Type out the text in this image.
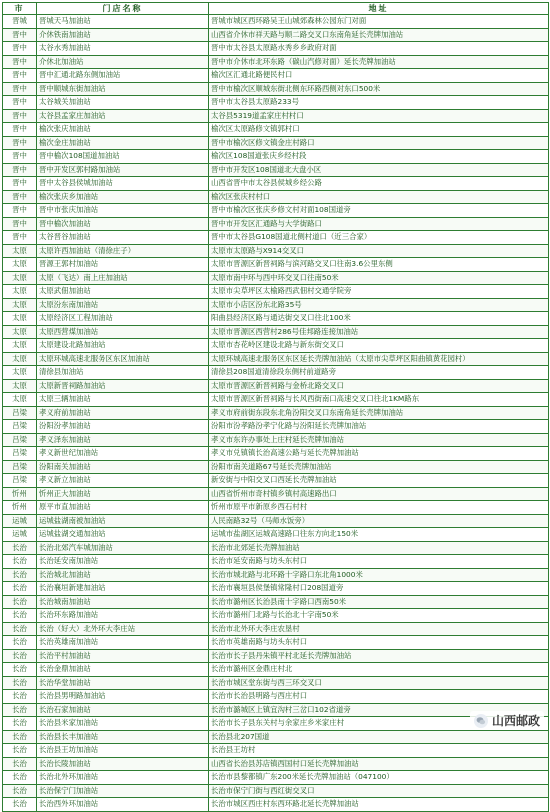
市	门店名称	地址
晋城	晋城天马加油站	晋城市城区西环路吴王山城郊森林公园东门对面
晋中	介休铁南加油站	山西省介休市祥天路与顺二路交叉口东南角延长壳牌加油站
晋中	太谷水秀加油站	晋中市太谷县太原路水秀乡乡政府对面
晋中	介休北加油站	晋中市介休市北环东路（碳山汽修对面）延长壳牌加油站
晋中	晋中汇通北路东侧加油站	榆次区汇通北路便民村口
晋中	晋中顺城东街加油站	晋中市榆次区顺城东街北侧东环路西侧对东口500米
晋中	太谷城关加油站	晋中市太谷县太原路233号
晋中	太谷县孟家庄加油站	太谷县5319道孟家庄村村口
晋中	榆次张庆加油站	榆次区太原路修文镇郭村口
晋中	榆次金庄加油站	晋中市榆次区修文镇金庄村路口
晋中	晋中榆次108国道加油站	榆次区108国道张庆乡经村段
晋中	晋中开发区郭村路加油站	晋中市开发区108国道北大盘小区
晋中	晋中太谷县侯城加油站	山西省晋中市太谷县侯城乡经公路
晋中	榆次张庆乡加油站	榆次区张庆村村口
晋中	晋中市张庆加油站	晋中市榆次区张庆乡修文村对面108国道旁
晋中	晋中榆次加油站	晋中市开发区汇通路与大学街路口
晋中	太谷晋谷加油站	晋中市太谷县G108国道北侧村道口（近三合家）
太原	太原许西加油站（清徐庄子）	太原市太原路与X914交叉口
太原	晋源王郭村加油站	太原市晋源区新晋祠路与滨河路交叉口往南3.6公里东侧
太原	太原（飞达）南上庄加油站	太原市南中环与西中环交叉口往南50米
太原	太原武佃加油站	太原市尖草坪区太榆路西武佃村交通学院旁
太原	太原汾东南加油站	太原市小店区汾东北路35号
太原	太原经济区工程加油站	阳曲县经济区路与通达街交叉口往北100米
太原	太原西营煤加油站	太原市晋源区西营村286号佳邦路连接加油站
太原	太原建设北路加油站	太原市杏花岭区建设北路与新东街交叉口
太原	太原环城高速北服务区东区加油站	太原环城高速北服务区东区延长壳牌加油站（太原市尖草坪区阳曲镇黄花园村）
太原	清徐县加油站	清徐县208国道清徐段东侧村前道路旁
太原	太原新晋祠路加油站	太原市晋源区新晋祠路与金桥北路交叉口
太原	太原三辆加油站	太原市晋源区新晋祠路与长风西街南口高速交叉口往北1KM路东
吕梁	孝义府前加油站	孝义市府前街东段东北角汾阳交叉口东南角延长壳牌加油站
吕梁	汾阳汾孝加油站	汾阳市汾孝路汾孝宁化路与汾阳延长壳牌加油站
吕梁	孝义泽东加油站	孝义市东许办事处上庄村延长壳牌加油站
吕梁	孝义新世纪加油站	孝义市兑镇镇长治高速公路与延长壳牌加油站
吕梁	汾阳南关加油站	汾阳市南关道路67号延长壳牌加油站
吕梁	孝义新立加油站	新安街与中阳交叉口西延长壳牌加油站
忻州	忻州正大加油站	山西省忻州市奇村镇乡镇村高速路出口
忻州	原平市直加油站	忻州市原平市新原乡西石村村
运城	运城盐湖南被加油站	人民南路32号（马师水饭旁）
运城	运城盐湖交通加油站	运城市盐湖区运城高速路口往东方向北150米
长治	长治北郊汽车城加油站	长治市北郊延长壳牌加油站
长治	长治延安南加油站	长治市延安南路与坊头东村口
长治	长治城北加油站	长治市城北路与北环路十字路口东北角1000米
长治	长治襄垣新建加油站	长治市襄垣县侯堡镇常隆村口208国道旁
长治	长治城南加油站	长治市潞州区长治县南十字路口西南50米
长治	长治环东路加油站	长治市潞州门北路与长治北十字南50米
长治	长治（好大）北外环大李庄站	长治市北外环大李庄农垦村
长治	长治英雄南加油站	长治市英雄南路与坊头东村口
长治	长治平村加油站	长治市长子县丹朱镇平村北延长壳牌加油站
长治	长治金鼎加油站	长治市潞州区金鼎庄村北
长治	长治华堂加油站	长治市城区堂东街与西三环交叉口
长治	长治县男明路加油站	长治市长治县明路与西庄村口
长治	长治石家加油站	长治市潞城区上镇宜沟村三岔口102省道旁
长治	长治县米家加油站	长治市长子县东关村与余家庄乡米家庄村
长治	长治县长丰加油站	长治县北207国道
长治	长治县王坊加油站	长治县王坊村
长治	长治长陵加油站	山西省长治县苏店镇西国村口延长壳牌加油站
长治	长治北外环加油站	长治市县黎都镇广东200米延长壳牌加油站（047100）
长治	长治保宁门加油站	长治市保宁门街与西红街交叉口
长治	长治西外环加油站	长治市城区西庄村东西环路北延长壳牌加油站
山西邮政
